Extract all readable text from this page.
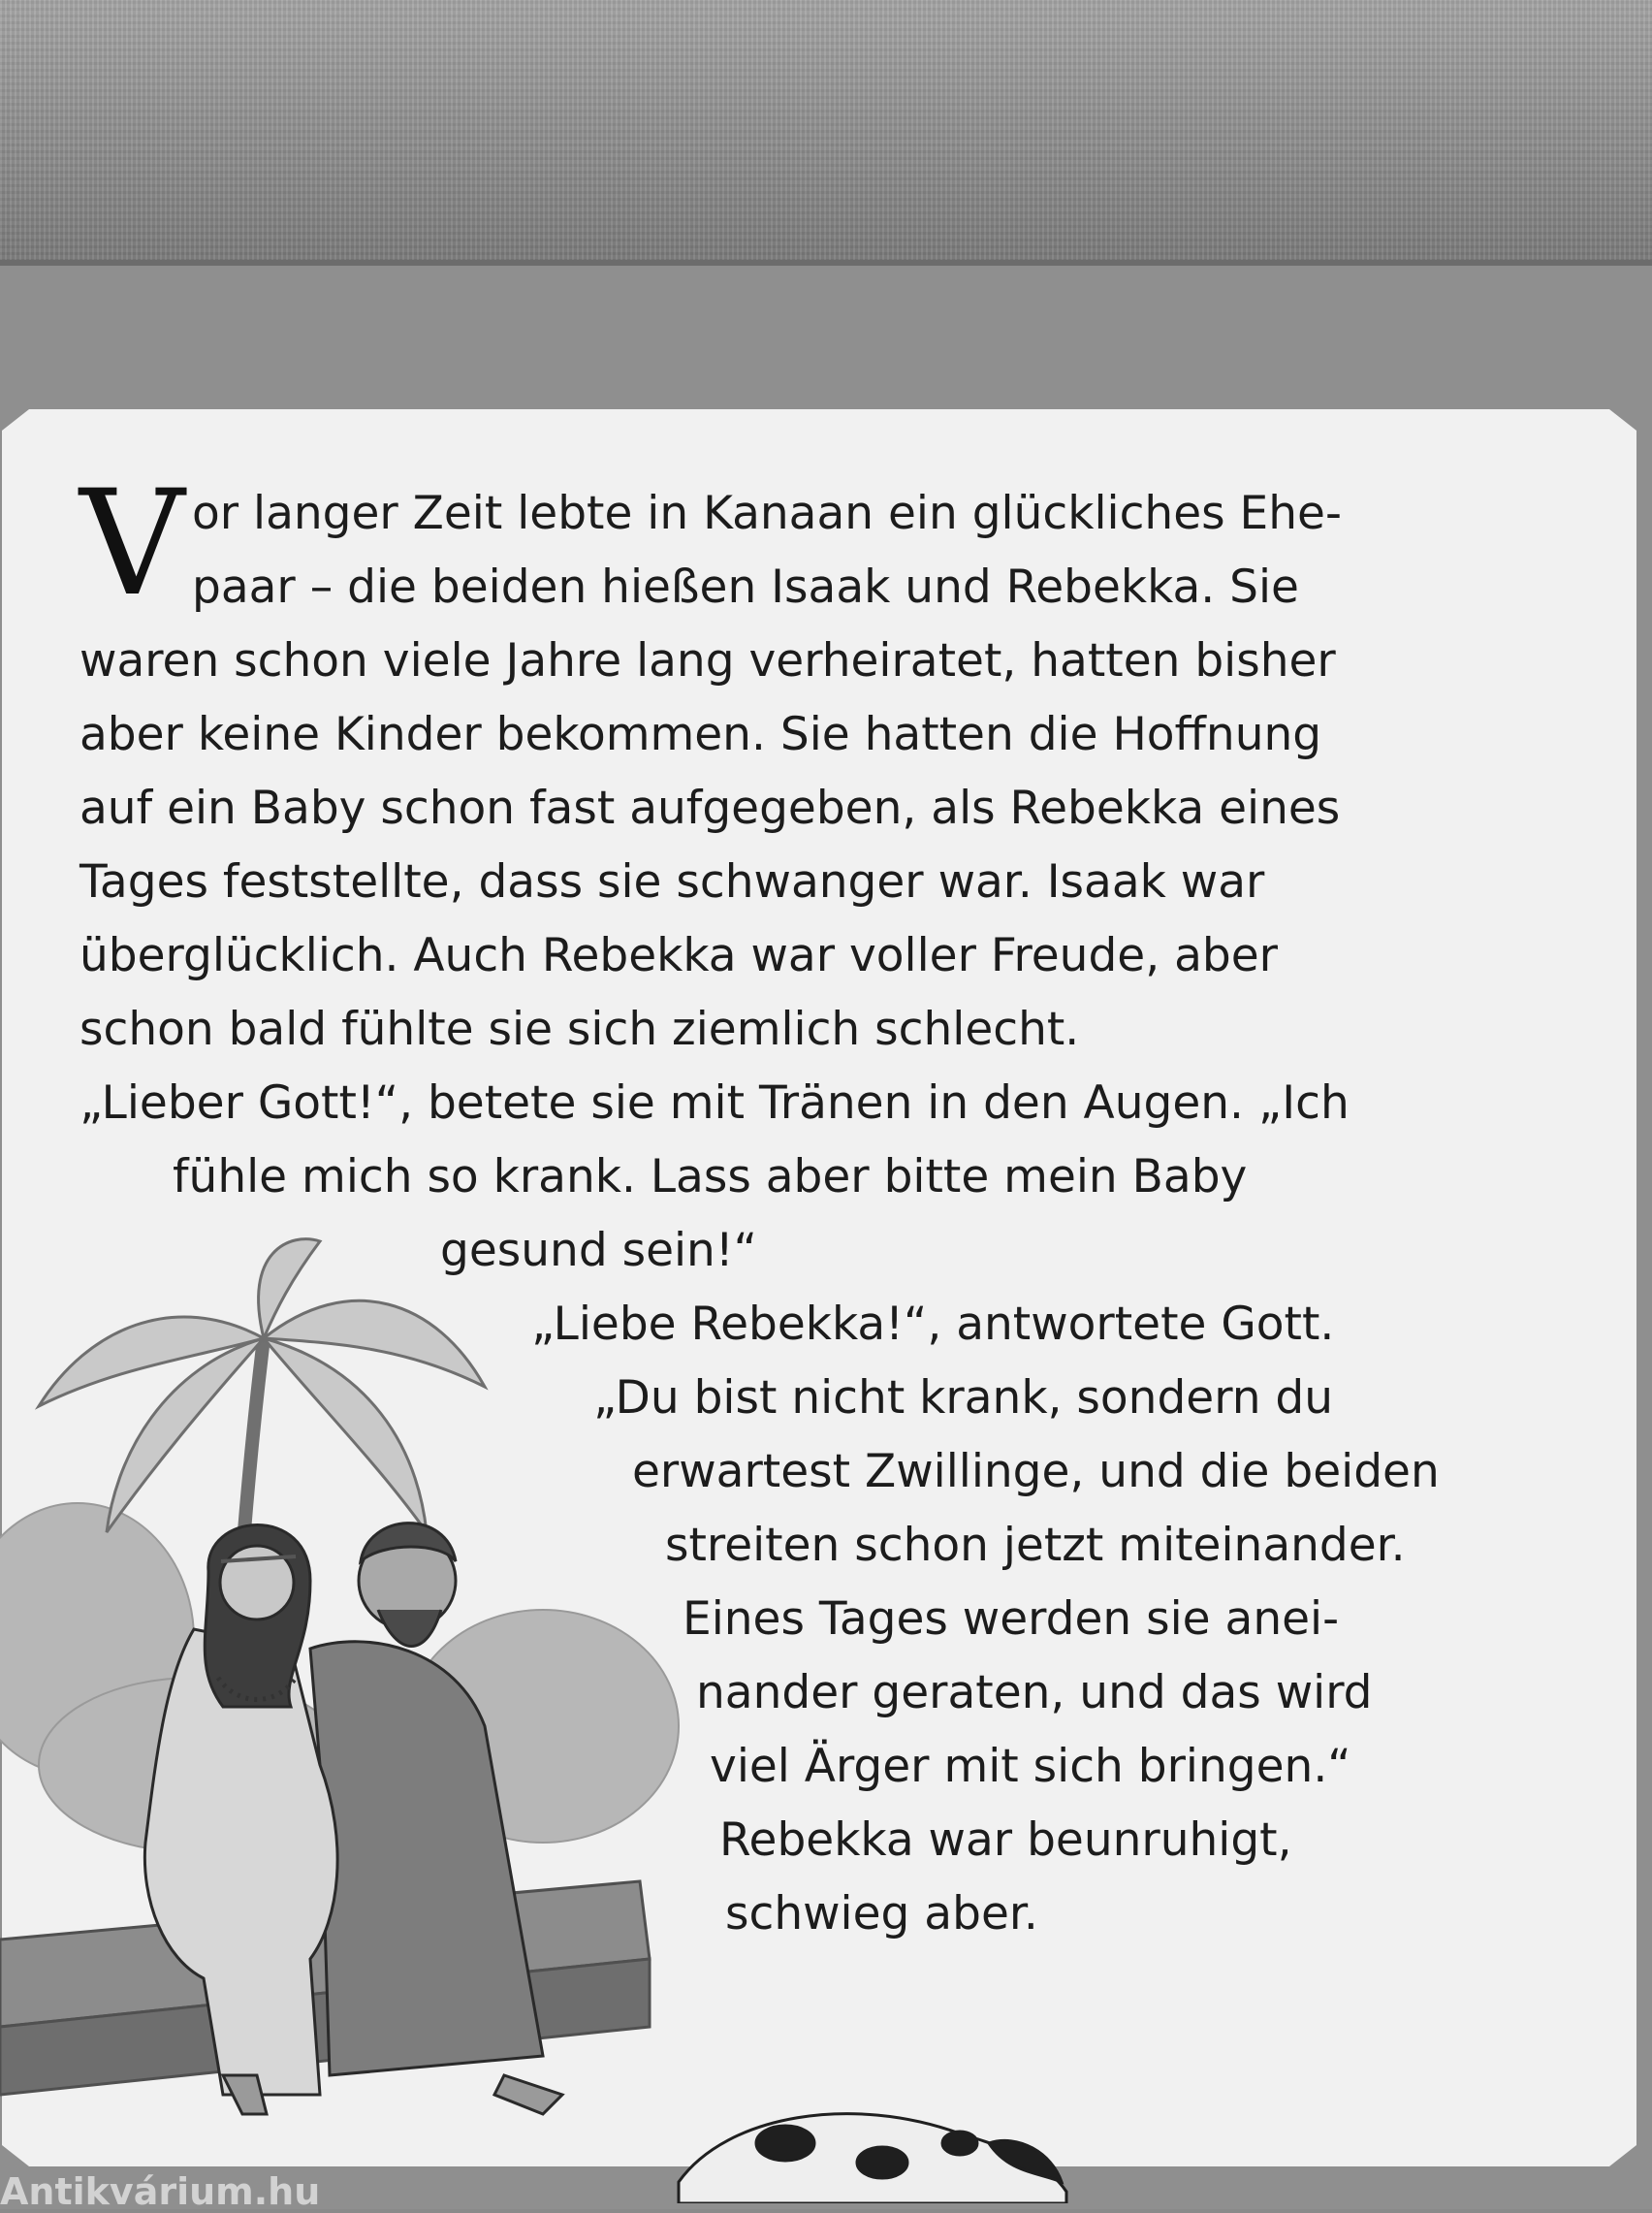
V or langer Zeit lebte in Kanaan ein glückliches Ehe-
paar – die beiden hießen Isaak und Rebekka. Sie
waren schon viele Jahre lang verheiratet, hatten bisher
aber keine Kinder bekommen. Sie hatten die Hoffnung
auf ein Baby schon fast aufgegeben, als Rebekka eines
Tages feststellte, dass sie schwanger war. Isaak war
überglücklich. Auch Rebekka war voller Freude, aber
schon bald fühlte sie sich ziemlich schlecht.
„Lieber Gott!“, betete sie mit Tränen in den Augen. „Ich
fühle mich so krank. Lass aber bitte mein Baby
gesund sein!“
„Liebe Rebekka!“, antwortete Gott.
„Du bist nicht krank, sondern du
erwartest Zwillinge, und die beiden
streiten schon jetzt miteinander.
Eines Tages werden sie anei-
nander geraten, und das wird
viel Ärger mit sich bringen.“
Rebekka war beunruhigt,
schwieg aber.
Antikvárium.hu
